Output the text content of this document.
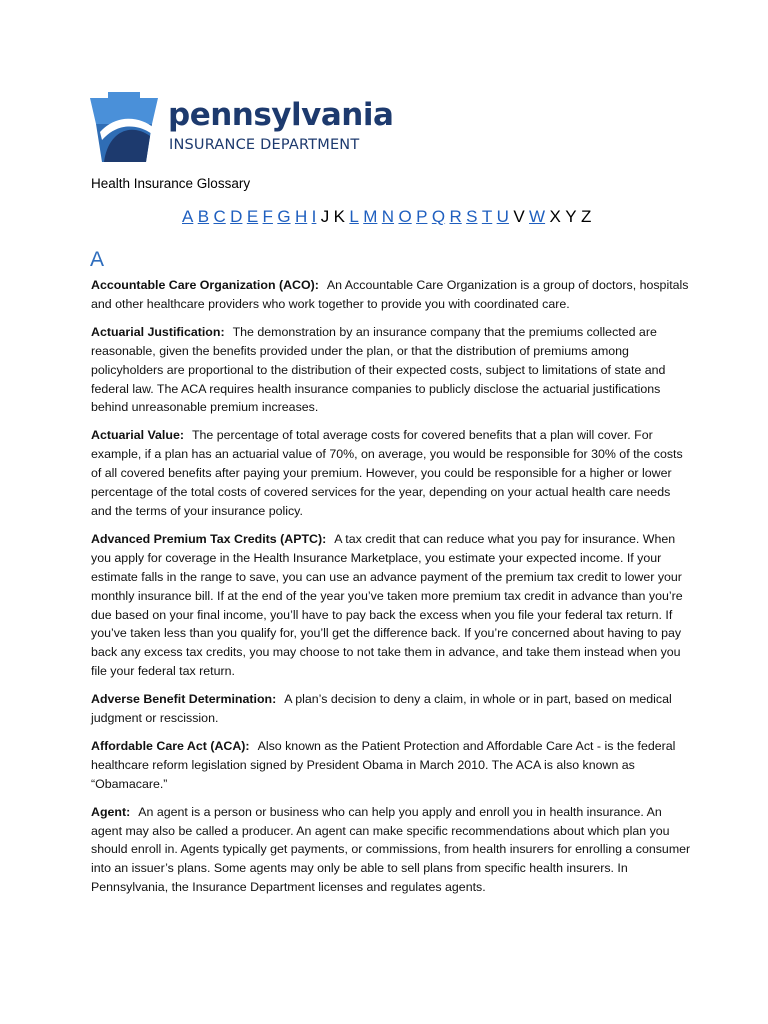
pennsylvania
INSURANCE DEPARTMENT
Health Insurance Glossary
A B C D E F G H I J K L M N O P Q R S T U V W X Y Z
A

Accountable Care Organization (ACO): An Accountable Care Organization is a group of doctors, hospitals and other healthcare providers who work together to provide you with coordinated care.

Actuarial Justification: The demonstration by an insurance company that the premiums collected are reasonable, given the benefits provided under the plan, or that the distribution of premiums among policyholders are proportional to the distribution of their expected costs, subject to limitations of state and federal law. The ACA requires health insurance companies to publicly disclose the actuarial justifications behind unreasonable premium increases.

Actuarial Value: The percentage of total average costs for covered benefits that a plan will cover. For example, if a plan has an actuarial value of 70%, on average, you would be responsible for 30% of the costs of all covered benefits after paying your premium. However, you could be responsible for a higher or lower percentage of the total costs of covered services for the year, depending on your actual health care needs and the terms of your insurance policy.

Advanced Premium Tax Credits (APTC): A tax credit that can reduce what you pay for insurance. When you apply for coverage in the Health Insurance Marketplace, you estimate your expected income. If your estimate falls in the range to save, you can use an advance payment of the premium tax credit to lower your monthly insurance bill. If at the end of the year you’ve taken more premium tax credit in advance than you’re due based on your final income, you’ll have to pay back the excess when you file your federal tax return. If you’ve taken less than you qualify for, you’ll get the difference back. If you’re concerned about having to pay back any excess tax credits, you may choose to not take them in advance, and take them instead when you file your federal tax return.

Adverse Benefit Determination: A plan’s decision to deny a claim, in whole or in part, based on medical judgment or rescission.

Affordable Care Act (ACA): Also known as the Patient Protection and Affordable Care Act - is the federal healthcare reform legislation signed by President Obama in March 2010. The ACA is also known as “Obamacare.”

Agent: An agent is a person or business who can help you apply and enroll you in health insurance. An agent may also be called a producer. An agent can make specific recommendations about which plan you should enroll in. Agents typically get payments, or commissions, from health insurers for enrolling a consumer into an issuer’s plans. Some agents may only be able to sell plans from specific health insurers. In Pennsylvania, the Insurance Department licenses and regulates agents.
